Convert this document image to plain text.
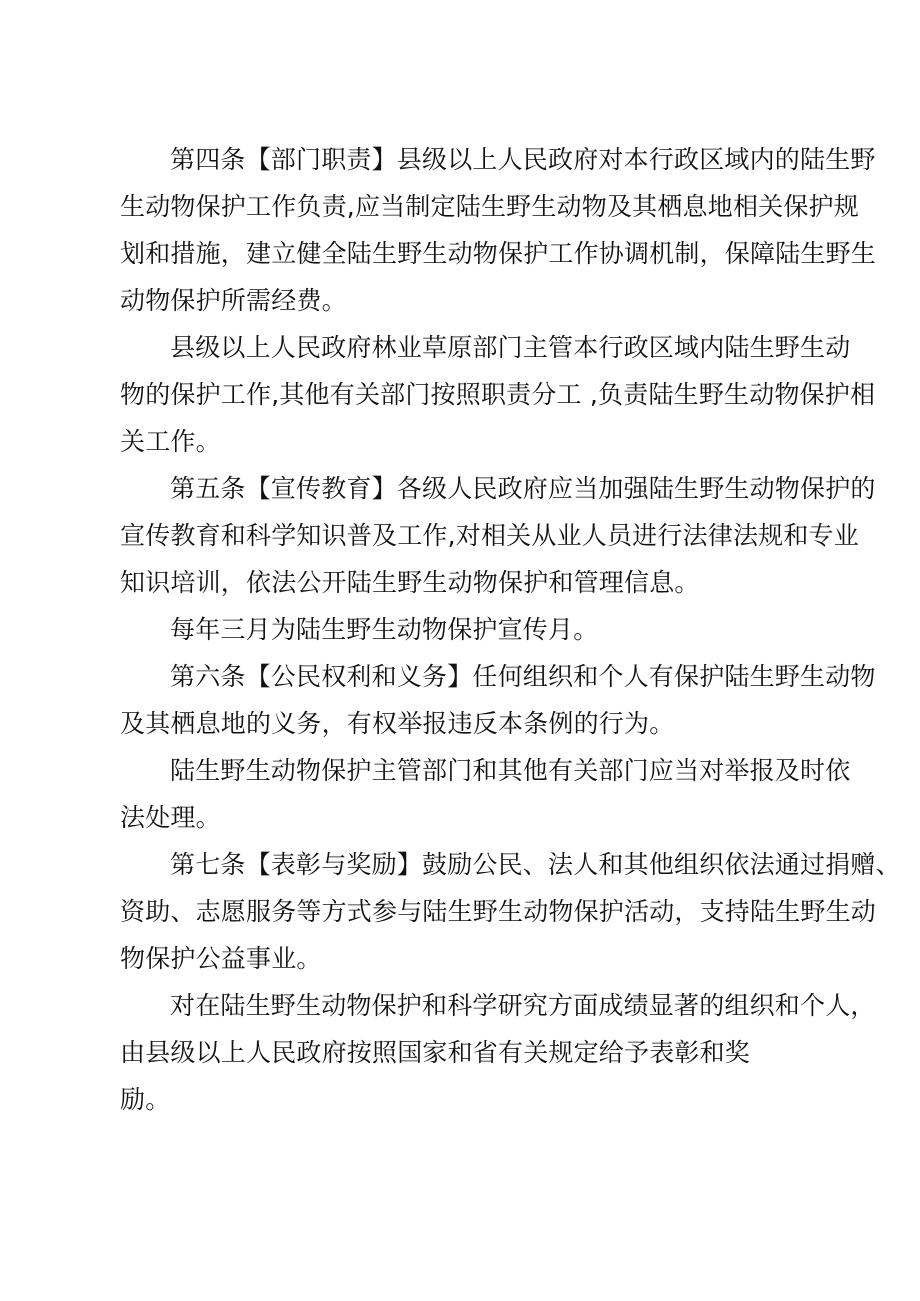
第四条【部门职责】县级以上人民政府对本行政区域内的陆生野
生动物保护工作负责,应当制定陆生野生动物及其栖息地相关保护规
划和措施，建立健全陆生野生动物保护工作协调机制，保障陆生野生
动物保护所需经费。
县级以上人民政府林业草原部门主管本行政区域内陆生野生动
物的保护工作,其他有关部门按照职责分工 ,负责陆生野生动物保护相
关工作。
第五条【宣传教育】各级人民政府应当加强陆生野生动物保护的
宣传教育和科学知识普及工作,对相关从业人员进行法律法规和专业
知识培训，依法公开陆生野生动物保护和管理信息。
每年三月为陆生野生动物保护宣传月。
第六条【公民权利和义务】任何组织和个人有保护陆生野生动物
及其栖息地的义务，有权举报违反本条例的行为。
陆生野生动物保护主管部门和其他有关部门应当对举报及时依
法处理。
第七条【表彰与奖励】鼓励公民、法人和其他组织依法通过捐赠、
资助、志愿服务等方式参与陆生野生动物保护活动，支持陆生野生动
物保护公益事业。
对在陆生野生动物保护和科学研究方面成绩显著的组织和个人，
由县级以上人民政府按照国家和省有关规定给予表彰和奖
励。
